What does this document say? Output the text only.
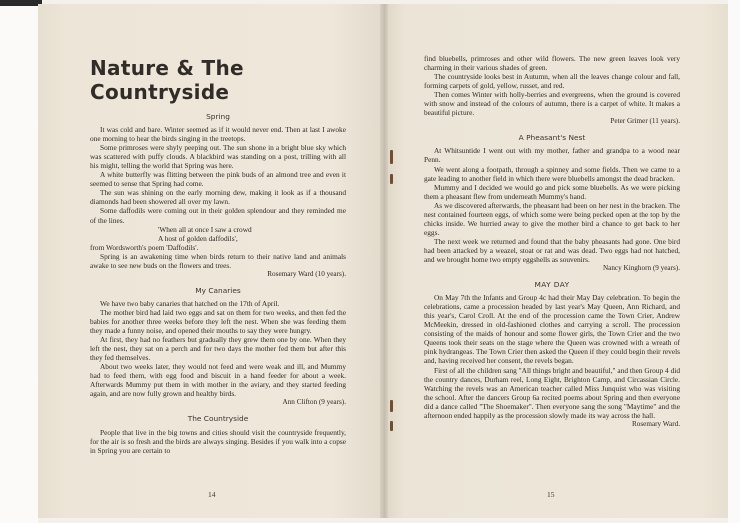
Nature & The Countryside
Spring

It was cold and bare. Winter seemed as if it would never end. Then at last I awoke one morning to hear the birds singing in the treetops.

Some primroses were shyly peeping out. The sun shone in a bright blue sky which was scattered with puffy clouds. A blackbird was standing on a post, trilling with all his might, telling the world that Spring was here.

A white butterfly was flitting between the pink buds of an almond tree and even it seemed to sense that Spring had come.

The sun was shining on the early morning dew, making it look as if a thousand diamonds had been showered all over my lawn.

Some daffodils were coming out in their golden splendour and they reminded me of the lines.

'When all at once I saw a crowd

A host of golden daffodils',

from Wordsworth's poem 'Daffodils'.

Spring is an awakening time when birds return to their native land and animals awake to see new buds on the flowers and trees.

Rosemary Ward (10 years).

My Canaries

We have two baby canaries that hatched on the 17th of April.

The mother bird had laid two eggs and sat on them for two weeks, and then fed the babies for another three weeks before they left the nest. When she was feeding them they made a funny noise, and opened their mouths to say they were hungry.

At first, they had no feathers but gradually they grew them one by one. When they left the nest, they sat on a perch and for two days the mother fed them but after this they fed themselves.

About two weeks later, they would not feed and were weak and ill, and Mummy had to feed them, with egg food and biscuit in a hand feeder for about a week. Afterwards Mummy put them in with mother in the aviary, and they started feeding again, and are now fully grown and healthy birds.

Ann Clifton (9 years).

The Countryside

People that live in the big towns and cities should visit the countryside frequently, for the air is so fresh and the birds are always singing. Besides if you walk into a copse in Spring you are certain to

14

find bluebells, primroses and other wild flowers. The new green leaves look very charming in their various shades of green.

The countryside looks best in Autumn, when all the leaves change colour and fall, forming carpets of gold, yellow, russet, and red.

Then comes Winter with holly-berries and evergreens, when the ground is covered with snow and instead of the colours of autumn, there is a carpet of white. It makes a beautiful picture.

Peter Grimer (11 years).

A Pheasant's Nest

At Whitsuntide I went out with my mother, father and grandpa to a wood near Penn.

We went along a footpath, through a spinney and some fields. Then we came to a gate leading to another field in which there were bluebells amongst the dead bracken.

Mummy and I decided we would go and pick some bluebells. As we were picking them a pheasant flew from underneath Mummy's hand.

As we discovered afterwards, the pheasant had been on her nest in the bracken. The nest contained fourteen eggs, of which some were being pecked open at the top by the chicks inside. We hurried away to give the mother bird a chance to get back to her eggs.

The next week we returned and found that the baby pheasants had gone. One bird had been attacked by a weazel, stoat or rat and was dead. Two eggs had not hatched, and we brought home two empty eggshells as souvenirs.

Nancy Kinghorn (9 years).

MAY DAY

On May 7th the Infants and Group 4c had their May Day celebration. To begin the celebrations, came a procession headed by last year's May Queen, Ann Richard, and this year's, Carol Croll. At the end of the procession came the Town Crier, Andrew McMeekin, dressed in old-fashioned clothes and carrying a scroll. The procession consisting of the maids of honour and some flower girls, the Town Crier and the two Queens took their seats on the stage where the Queen was crowned with a wreath of pink hydrangeas. The Town Crier then asked the Queen if they could begin their revels and, having received her consent, the revels began.

First of all the children sang "All things bright and beautiful," and then Group 4 did the country dances, Durham reel, Long Eight, Brighton Camp, and Circassian Circle. Watching the revels was an American teacher called Miss Junquist who was visiting the school. After the dancers Group 6a recited poems about Spring and then everyone did a dance called "The Shoemaker". Then everyone sang the song "Maytime" and the afternoon ended happily as the procession slowly made its way across the hall.

Rosemary Ward.

15
